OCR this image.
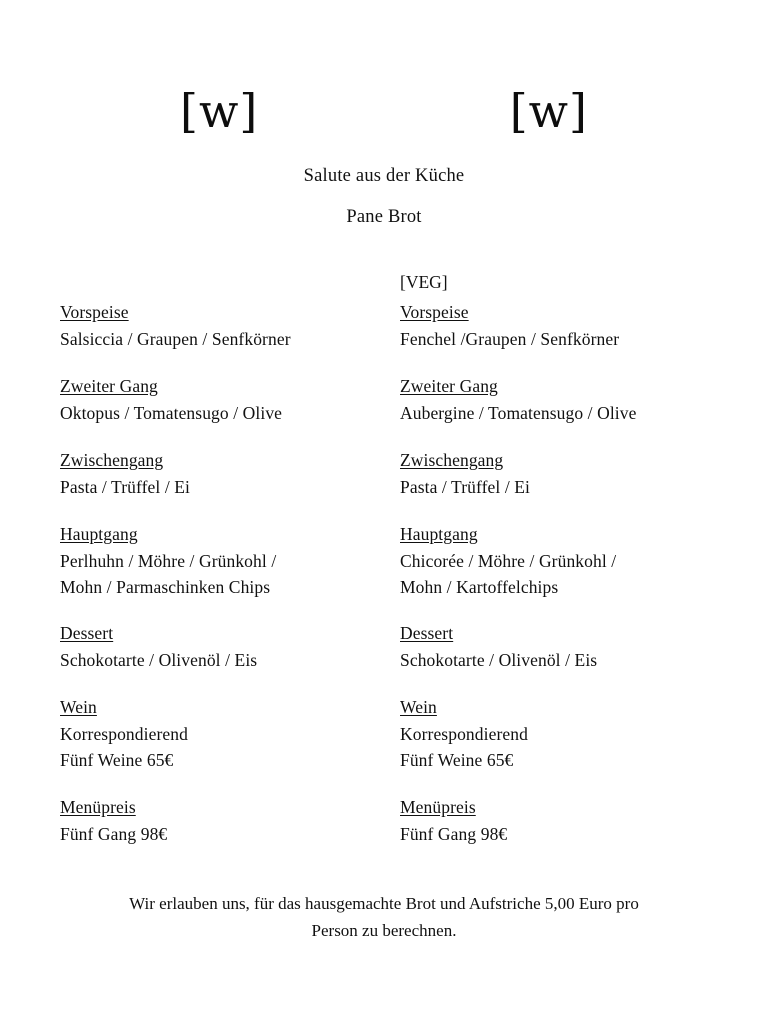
[w]	[w]
Salute aus der Küche
Pane Brot
Vorspeise
Salsiccia / Graupen / Senfkörner
Zweiter Gang
Oktopus / Tomatensugo / Olive
Zwischengang
Pasta / Trüffel / Ei
Hauptgang
Perlhuhn / Möhre / Grünkohl /
Mohn / Parmaschinken Chips
Dessert
Schokotarte / Olivenöl / Eis
Wein
Korrespondierend
Fünf Weine 65€
Menüpreis
Fünf Gang 98€
[VEG]
Vorspeise
Fenchel /Graupen / Senfkörner
Zweiter Gang
Aubergine / Tomatensugo / Olive
Zwischengang
Pasta / Trüffel / Ei
Hauptgang
Chicorée / Möhre / Grünkohl /
Mohn / Kartoffelchips
Dessert
Schokotarte / Olivenöl / Eis
Wein
Korrespondierend
Fünf Weine 65€
Menüpreis
Fünf Gang 98€
Wir erlauben uns, für das hausgemachte Brot und Aufstriche 5,00 Euro pro
Person zu berechnen.
